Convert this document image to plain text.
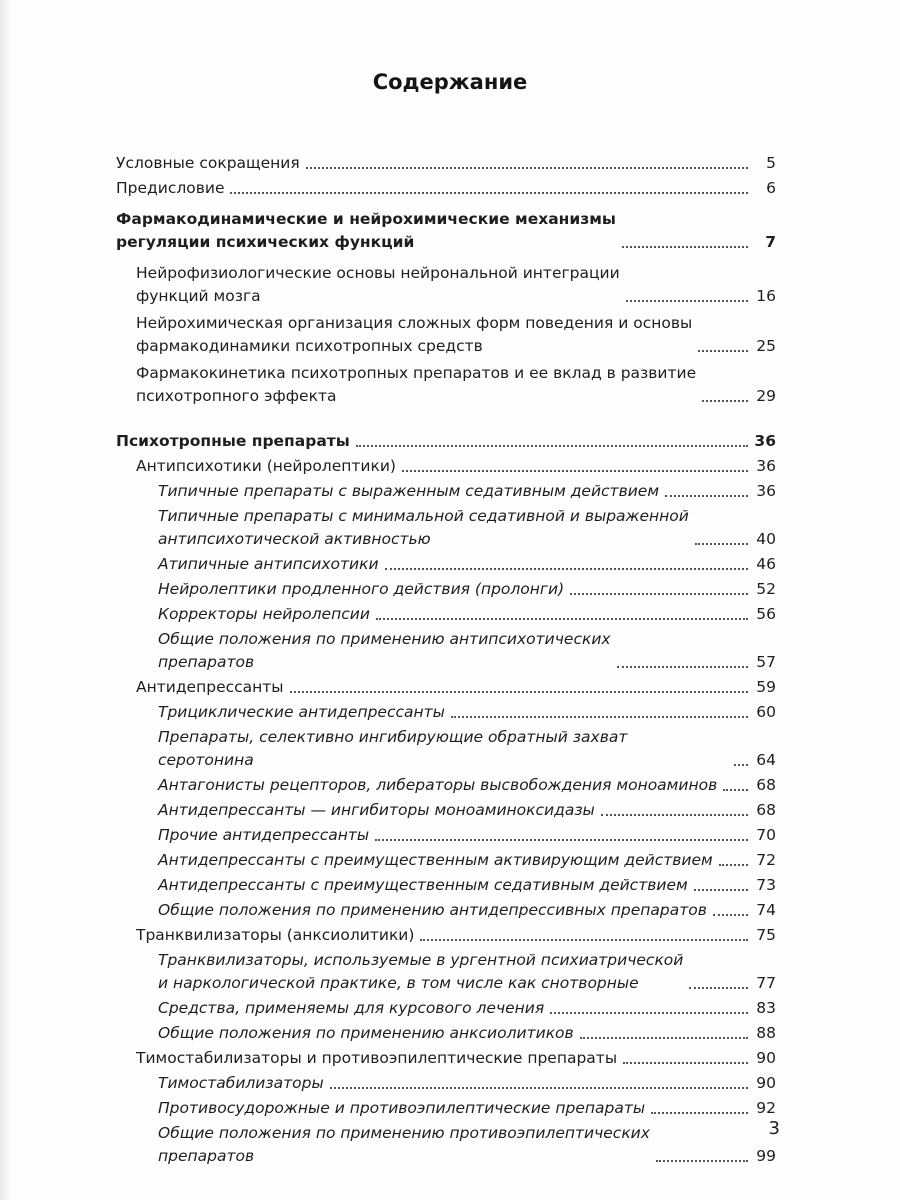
Содержание
Условные сокращения	5
Предисловие	6
Фармакодинамические и нейрохимические механизмы
регуляции психических функций	7
Нейрофизиологические основы нейрональной интеграции
функций мозга	16
Нейрохимическая организация сложных форм поведения и основы
фармакодинамики психотропных средств	25
Фармакокинетика психотропных препаратов и ее вклад в развитие
психотропного эффекта	29
Психотропные препараты	36
Антипсихотики (нейролептики)	36
Типичные препараты с выраженным седативным действием	36
Типичные препараты с минимальной седативной и выраженной
антипсихотической активностью	40
Атипичные антипсихотики	46
Нейролептики продленного действия (пролонги)	52
Корректоры нейролепсии	56
Общие положения по применению антипсихотических
препаратов	57
Антидепрессанты	59
Трициклические антидепрессанты	60
Препараты, селективно ингибирующие обратный захват серотонина	64
Антагонисты рецепторов, либераторы высвобождения моноаминов	68
Антидепрессанты — ингибиторы моноаминоксидазы	68
Прочие антидепрессанты	70
Антидепрессанты с преимущественным активирующим действием	72
Антидепрессанты с преимущественным седативным действием	73
Общие положения по применению антидепрессивных препаратов	74
Транквилизаторы (анксиолитики)	75
Транквилизаторы, используемые в ургентной психиатрической
и наркологической практике, в том числе как снотворные	77
Средства, применяемы для курсового лечения	83
Общие положения по применению анксиолитиков	88
Тимостабилизаторы и противоэпилептические препараты	90
Тимостабилизаторы	90
Противосудорожные и противоэпилептические препараты	92
Общие положения по применению противоэпилептических
препаратов	99
3
